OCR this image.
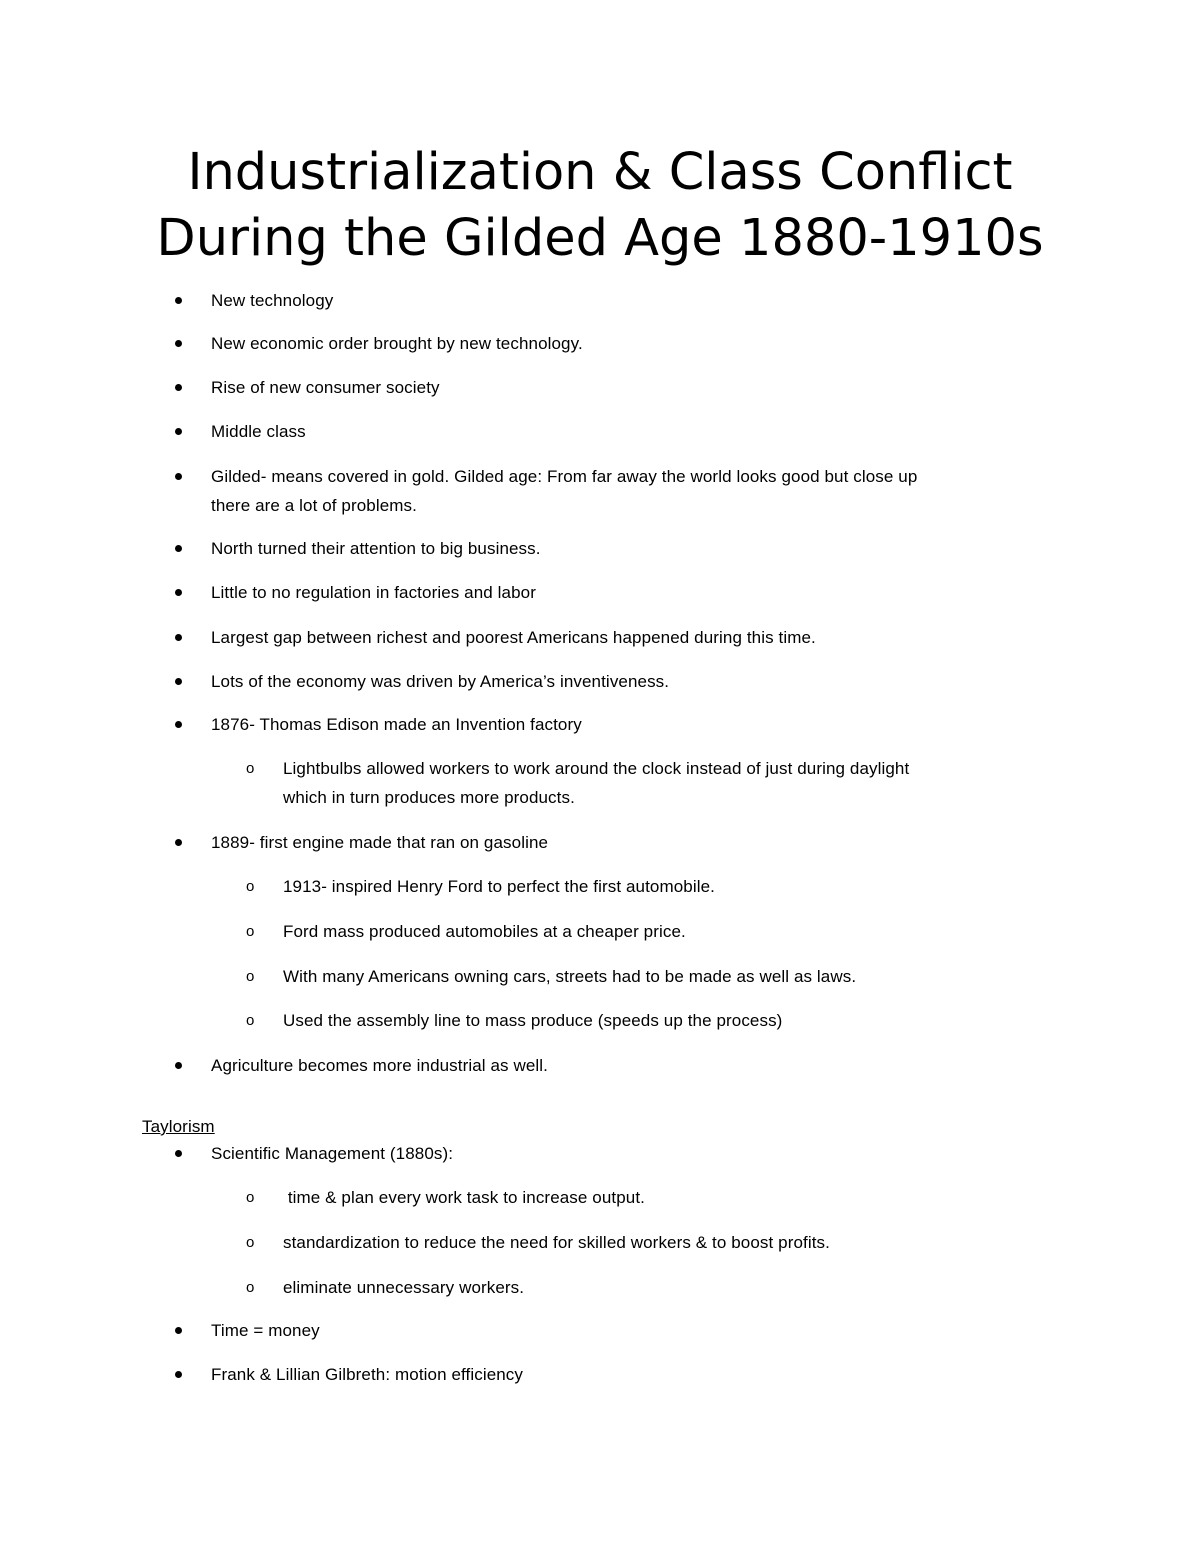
Industrialization & Class Conflict
During the Gilded Age 1880-1910s

New technology

New economic order brought by new technology.

Rise of new consumer society

Middle class

Gilded- means covered in gold. Gilded age: From far away the world looks good but close up

there are a lot of problems.

North turned their attention to big business.

Little to no regulation in factories and labor

Largest gap between richest and poorest Americans happened during this time.

Lots of the economy was driven by America’s inventiveness.

1876- Thomas Edison made an Invention factory

o Lightbulbs allowed workers to work around the clock instead of just during daylight

which in turn produces more products.

1889- first engine made that ran on gasoline

o 1913- inspired Henry Ford to perfect the first automobile.

o Ford mass produced automobiles at a cheaper price.

o With many Americans owning cars, streets had to be made as well as laws.

o Used the assembly line to mass produce (speeds up the process)

Agriculture becomes more industrial as well.

Taylorism

Scientific Management (1880s):

o time & plan every work task to increase output.

o standardization to reduce the need for skilled workers & to boost profits.

o eliminate unnecessary workers.

Time = money

Frank & Lillian Gilbreth: motion efficiency
